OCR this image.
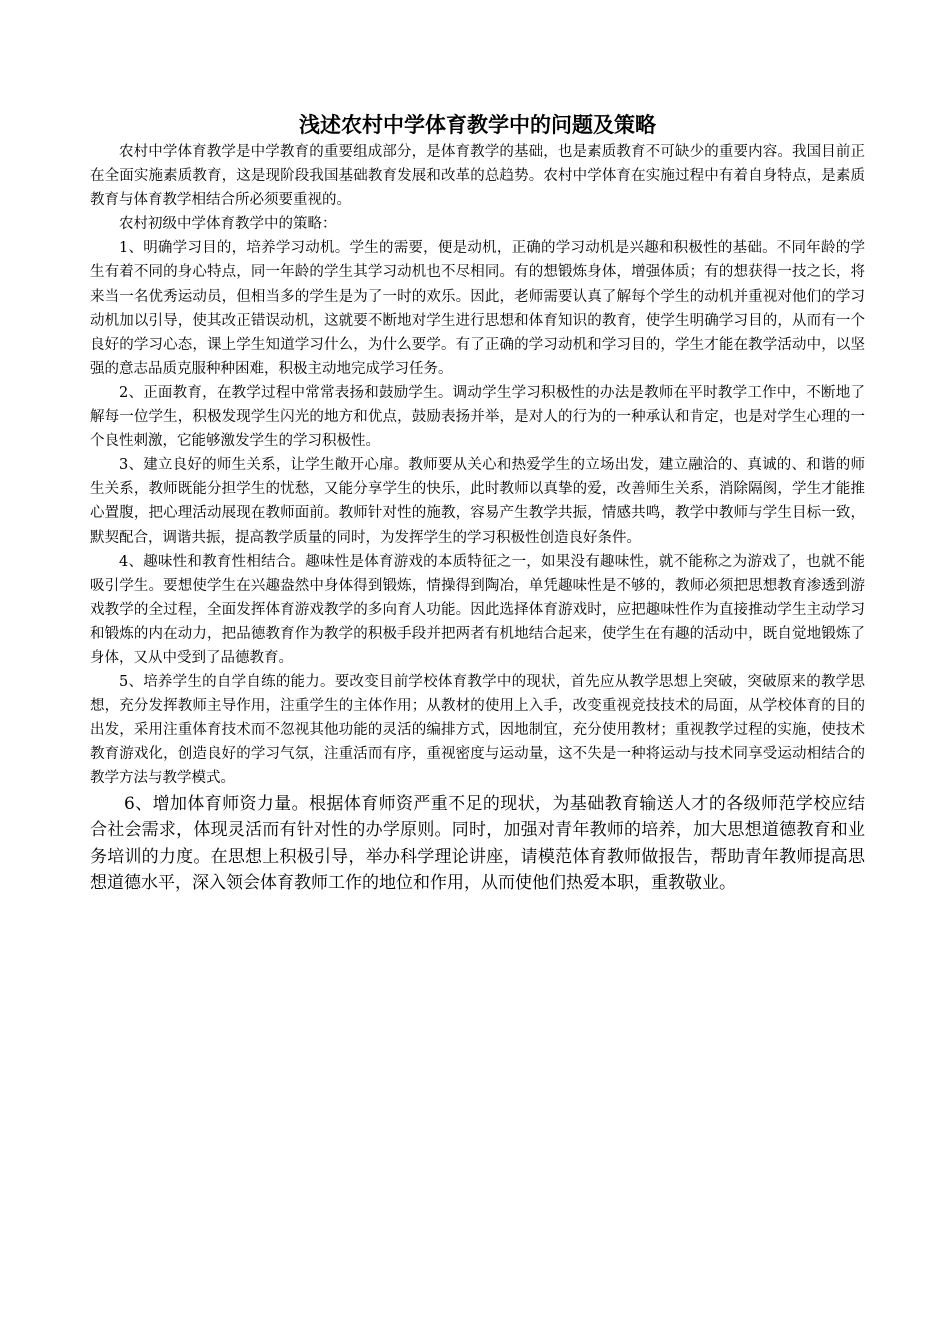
浅述农村中学体育教学中的问题及策略

农村中学体育教学是中学教育的重要组成部分，是体育教学的基础，也是素质教育不可缺少的重要内容。我国目前正在全面实施素质教育，这是现阶段我国基础教育发展和改革的总趋势。农村中学体育在实施过程中有着自身特点，是素质教育与体育教学相结合所必须要重视的。

农村初级中学体育教学中的策略：

1、明确学习目的，培养学习动机。学生的需要，便是动机，正确的学习动机是兴趣和积极性的基础。不同年龄的学生有着不同的身心特点，同一年龄的学生其学习动机也不尽相同。有的想锻炼身体，增强体质；有的想获得一技之长，将来当一名优秀运动员，但相当多的学生是为了一时的欢乐。因此，老师需要认真了解每个学生的动机并重视对他们的学习动机加以引导，使其改正错误动机，这就要不断地对学生进行思想和体育知识的教育，使学生明确学习目的，从而有一个良好的学习心态，课上学生知道学习什么，为什么要学。有了正确的学习动机和学习目的，学生才能在教学活动中，以坚强的意志品质克服种种困难，积极主动地完成学习任务。

2、正面教育，在教学过程中常常表扬和鼓励学生。调动学生学习积极性的办法是教师在平时教学工作中，不断地了解每一位学生，积极发现学生闪光的地方和优点，鼓励表扬并举，是对人的行为的一种承认和肯定，也是对学生心理的一个良性刺激，它能够激发学生的学习积极性。

3、建立良好的师生关系，让学生敞开心扉。教师要从关心和热爱学生的立场出发，建立融洽的、真诚的、和谐的师生关系，教师既能分担学生的忧愁，又能分享学生的快乐，此时教师以真挚的爱，改善师生关系，消除隔阂，学生才能推心置腹，把心理活动展现在教师面前。教师针对性的施教，容易产生教学共振，情感共鸣，教学中教师与学生目标一致，默契配合，调谐共振，提高教学质量的同时，为发挥学生的学习积极性创造良好条件。

4、趣味性和教育性相结合。趣味性是体育游戏的本质特征之一，如果没有趣味性，就不能称之为游戏了，也就不能吸引学生。要想使学生在兴趣盎然中身体得到锻炼，情操得到陶冶，单凭趣味性是不够的，教师必须把思想教育渗透到游戏教学的全过程，全面发挥体育游戏教学的多向育人功能。因此选择体育游戏时，应把趣味性作为直接推动学生主动学习和锻炼的内在动力，把品德教育作为教学的积极手段并把两者有机地结合起来，使学生在有趣的活动中，既自觉地锻炼了身体，又从中受到了品德教育。

5、培养学生的自学自练的能力。要改变目前学校体育教学中的现状，首先应从教学思想上突破，突破原来的教学思想，充分发挥教师主导作用，注重学生的主体作用；从教材的使用上入手，改变重视竞技技术的局面，从学校体育的目的出发，采用注重体育技术而不忽视其他功能的灵活的编排方式，因地制宜，充分使用教材；重视教学过程的实施，使技术教育游戏化，创造良好的学习气氛，注重活而有序，重视密度与运动量，这不失是一种将运动与技术同享受运动相结合的教学方法与教学模式。

6、增加体育师资力量。根据体育师资严重不足的现状，为基础教育输送人才的各级师范学校应结合社会需求，体现灵活而有针对性的办学原则。同时，加强对青年教师的培养，加大思想道德教育和业务培训的力度。在思想上积极引导，举办科学理论讲座，请模范体育教师做报告，帮助青年教师提高思想道德水平，深入领会体育教师工作的地位和作用，从而使他们热爱本职，重教敬业。
